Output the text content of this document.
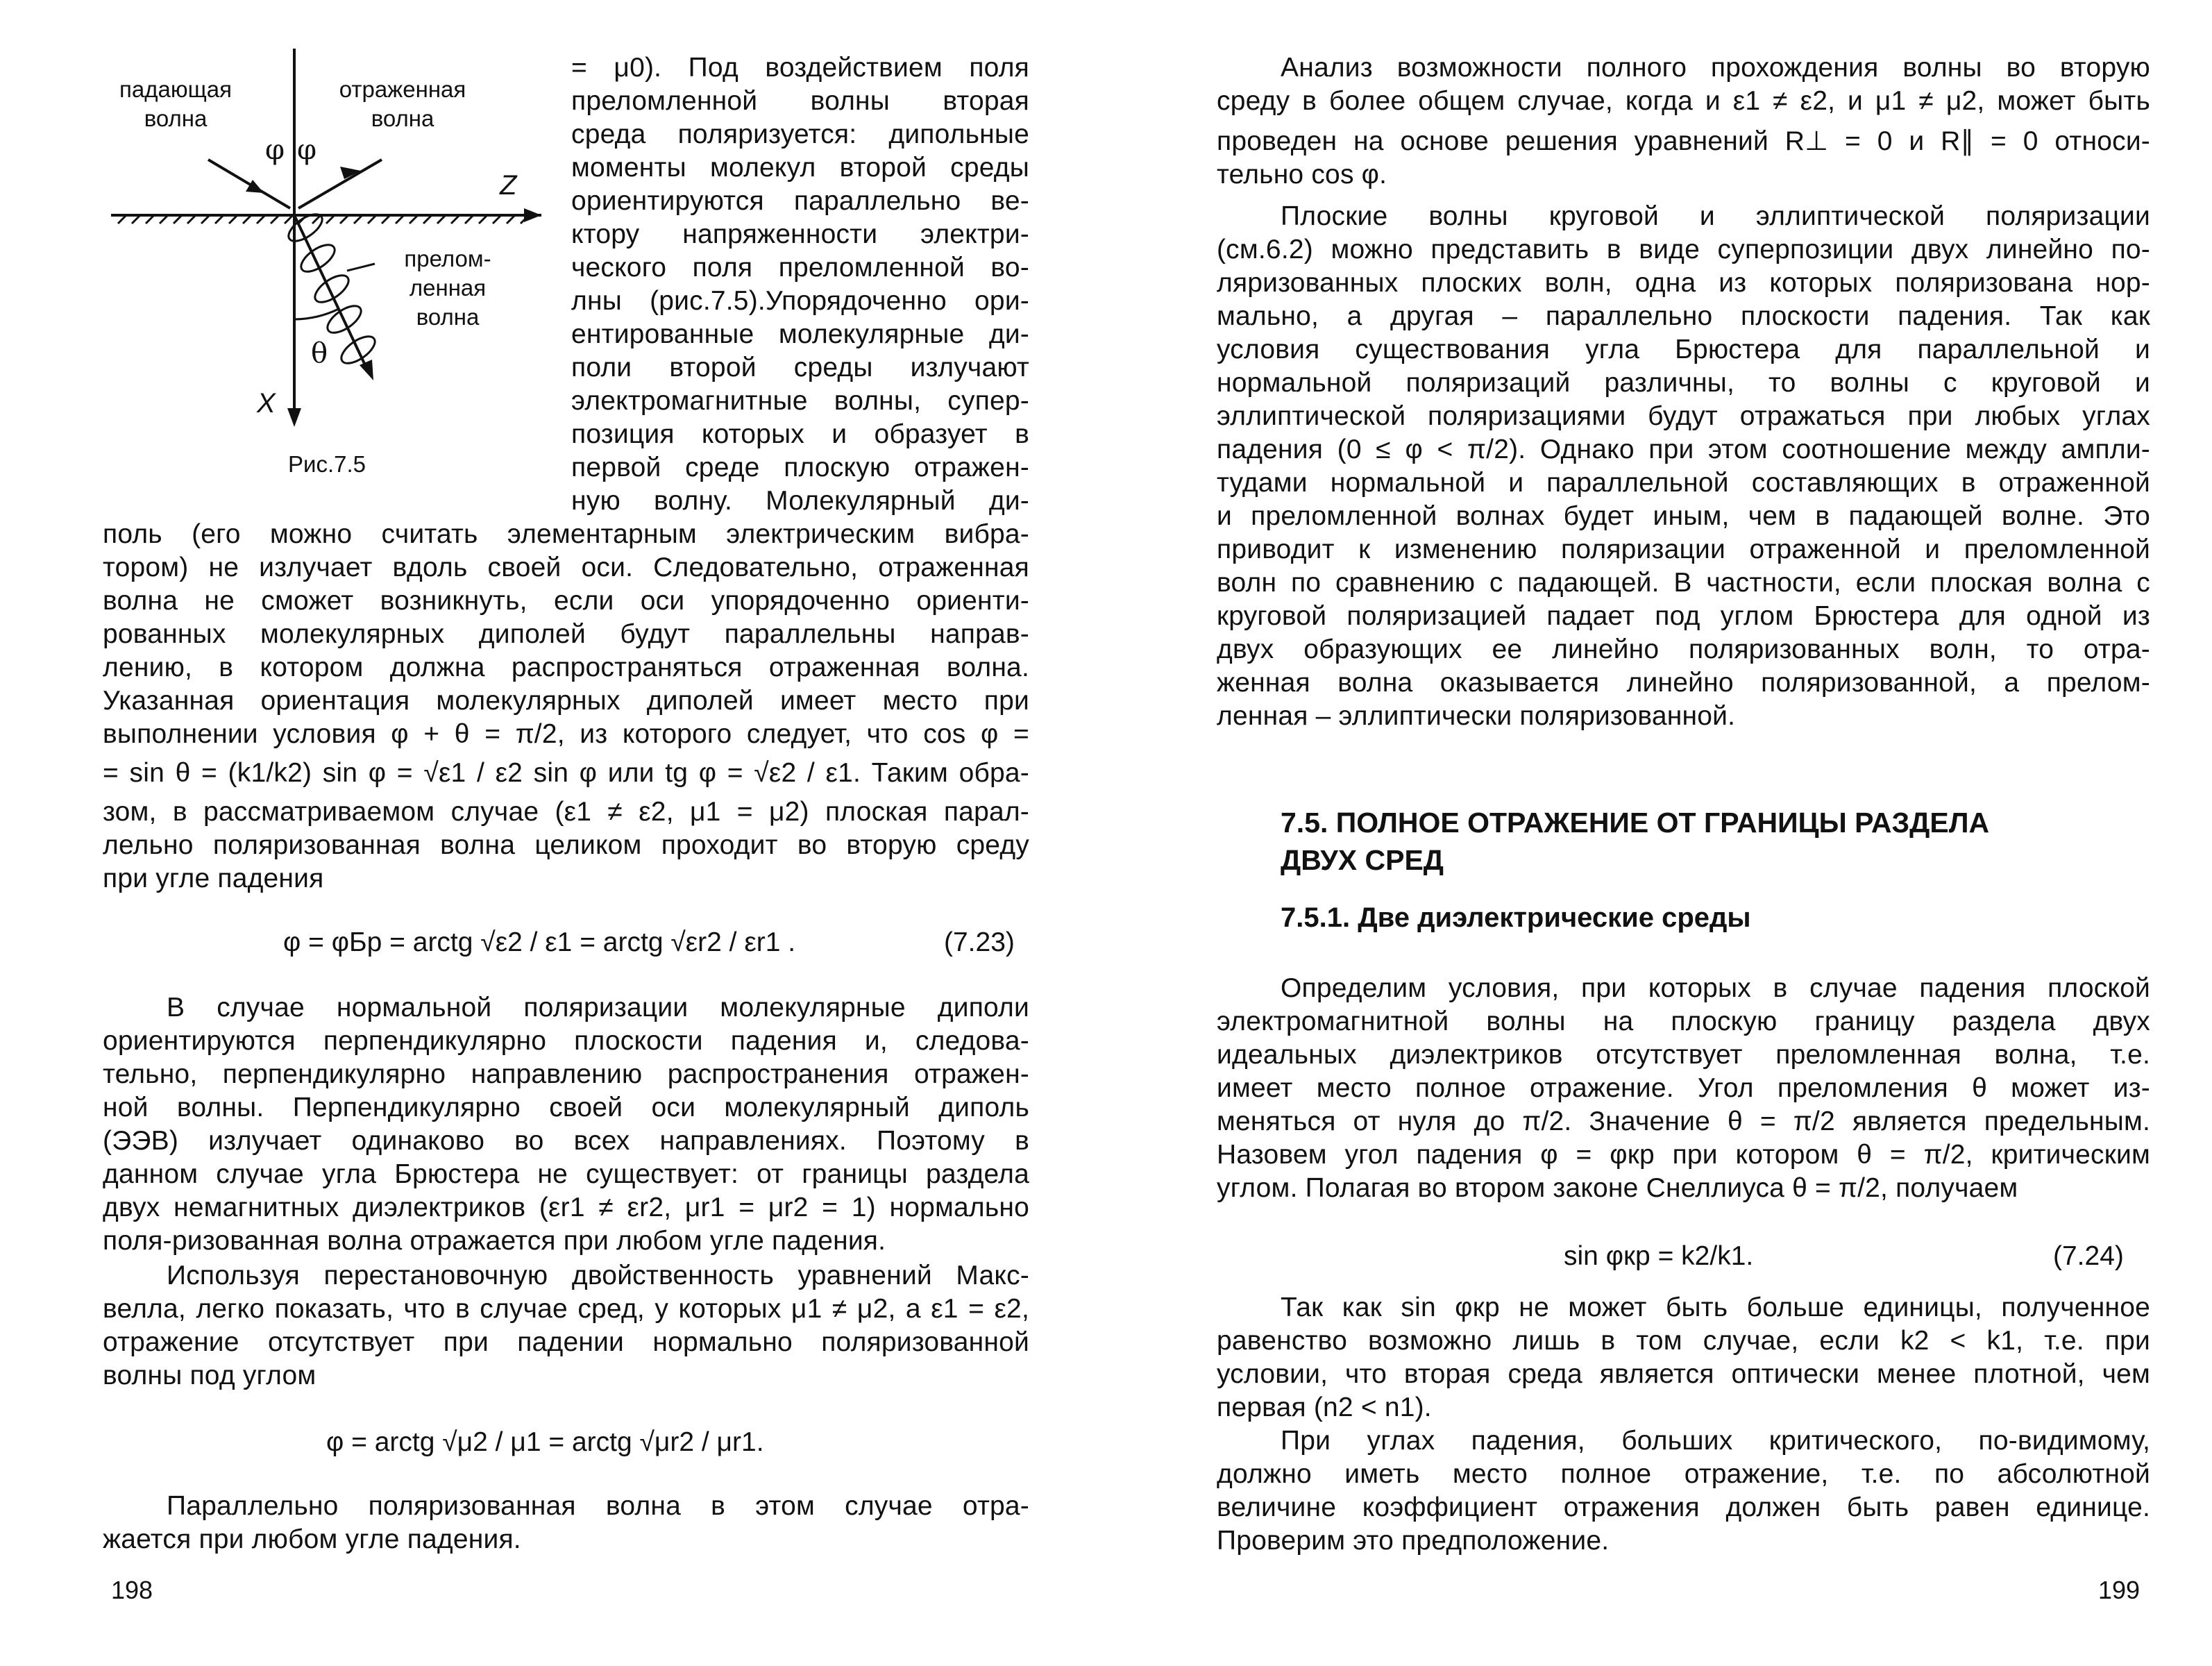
падающая
волна
отраженная
волна
прелом-
ленная
волна
φ φ
θ
Z
X
Рис.7.5
= μ0). Под воздействием поля
преломленной волны вторая
среда поляризуется: дипольные
моменты молекул второй среды
ориентируются параллельно ве-
ктору напряженности электри-
ческого поля преломленной во-
лны (рис.7.5).Упорядоченно ори-
ентированные молекулярные ди-
поли второй среды излучают
электромагнитные волны, супер-
позиция которых и образует в
первой среде плоскую отражен-
ную волну. Молекулярный ди-
поль (его можно считать элементарным электрическим вибра-
тором) не излучает вдоль своей оси. Следовательно, отраженная
волна не сможет возникнуть, если оси упорядоченно ориенти-
рованных молекулярных диполей будут параллельны направ-
лению, в котором должна распространяться отраженная волна.
Указанная ориентация молекулярных диполей имеет место при
выполнении условия φ + θ = π/2, из которого следует, что cos φ =
= sin θ = (k1/k2) sin φ = √ε1 / ε2 sin φ или tg φ = √ε2 / ε1. Таким обра-
зом, в рассматриваемом случае (ε1 ≠ ε2, μ1 = μ2) плоская парал-
лельно поляризованная волна целиком проходит во вторую среду
при угле падения
φ = φБр = arctg √ε2 / ε1 = arctg √εr2 / εr1 .	(7.23)
В случае нормальной поляризации молекулярные диполи
ориентируются перпендикулярно плоскости падения и, следова-
тельно, перпендикулярно направлению распространения отражен-
ной волны. Перпендикулярно своей оси молекулярный диполь
(ЭЭВ) излучает одинаково во всех направлениях. Поэтому в
данном случае угла Брюстера не существует: от границы раздела
двух немагнитных диэлектриков (εr1 ≠ εr2, μr1 = μr2 = 1) нормально
поля-ризованная волна отражается при любом угле падения.
Используя перестановочную двойственность уравнений Макс-
велла, легко показать, что в случае сред, у которых μ1 ≠ μ2, а ε1 = ε2,
отражение отсутствует при падении нормально поляризованной
волны под углом
φ = arctg √μ2 / μ1 = arctg √μr2 / μr1.
Параллельно поляризованная волна в этом случае отра-
жается при любом угле падения.
198
Анализ возможности полного прохождения волны во вторую
среду в более общем случае, когда и ε1 ≠ ε2, и μ1 ≠ μ2, может быть
проведен на основе решения уравнений R⊥ = 0 и R∥ = 0 относи-
тельно cos φ.
Плоские волны круговой и эллиптической поляризации
(см.6.2) можно представить в виде суперпозиции двух линейно по-
ляризованных плоских волн, одна из которых поляризована нор-
мально, а другая – параллельно плоскости падения. Так как
условия существования угла Брюстера для параллельной и
нормальной поляризаций различны, то волны с круговой и
эллиптической поляризациями будут отражаться при любых углах
падения (0 ≤ φ < π/2). Однако при этом соотношение между ампли-
тудами нормальной и параллельной составляющих в отраженной
и преломленной волнах будет иным, чем в падающей волне. Это
приводит к изменению поляризации отраженной и преломленной
волн по сравнению с падающей. В частности, если плоская волна с
круговой поляризацией падает под углом Брюстера для одной из
двух образующих ее линейно поляризованных волн, то отра-
женная волна оказывается линейно поляризованной, а прелом-
ленная – эллиптически поляризованной.
7.5. ПОЛНОЕ ОТРАЖЕНИЕ ОТ ГРАНИЦЫ РАЗДЕЛА
ДВУХ СРЕД
7.5.1. Две диэлектрические среды
Определим условия, при которых в случае падения плоской
электромагнитной волны на плоскую границу раздела двух
идеальных диэлектриков отсутствует преломленная волна, т.е.
имеет место полное отражение. Угол преломления θ может из-
меняться от нуля до π/2. Значение θ = π/2 является предельным.
Назовем угол падения φ = φкр при котором θ = π/2, критическим
углом. Полагая во втором законе Снеллиуса θ = π/2, получаем
sin φкр = k2/k1.	(7.24)
Так как sin φкр не может быть больше единицы, полученное
равенство возможно лишь в том случае, если k2 < k1, т.е. при
условии, что вторая среда является оптически менее плотной, чем
первая (n2 < n1).
При углах падения, больших критического, по-видимому,
должно иметь место полное отражение, т.е. по абсолютной
величине коэффициент отражения должен быть равен единице.
Проверим это предположение.
199
